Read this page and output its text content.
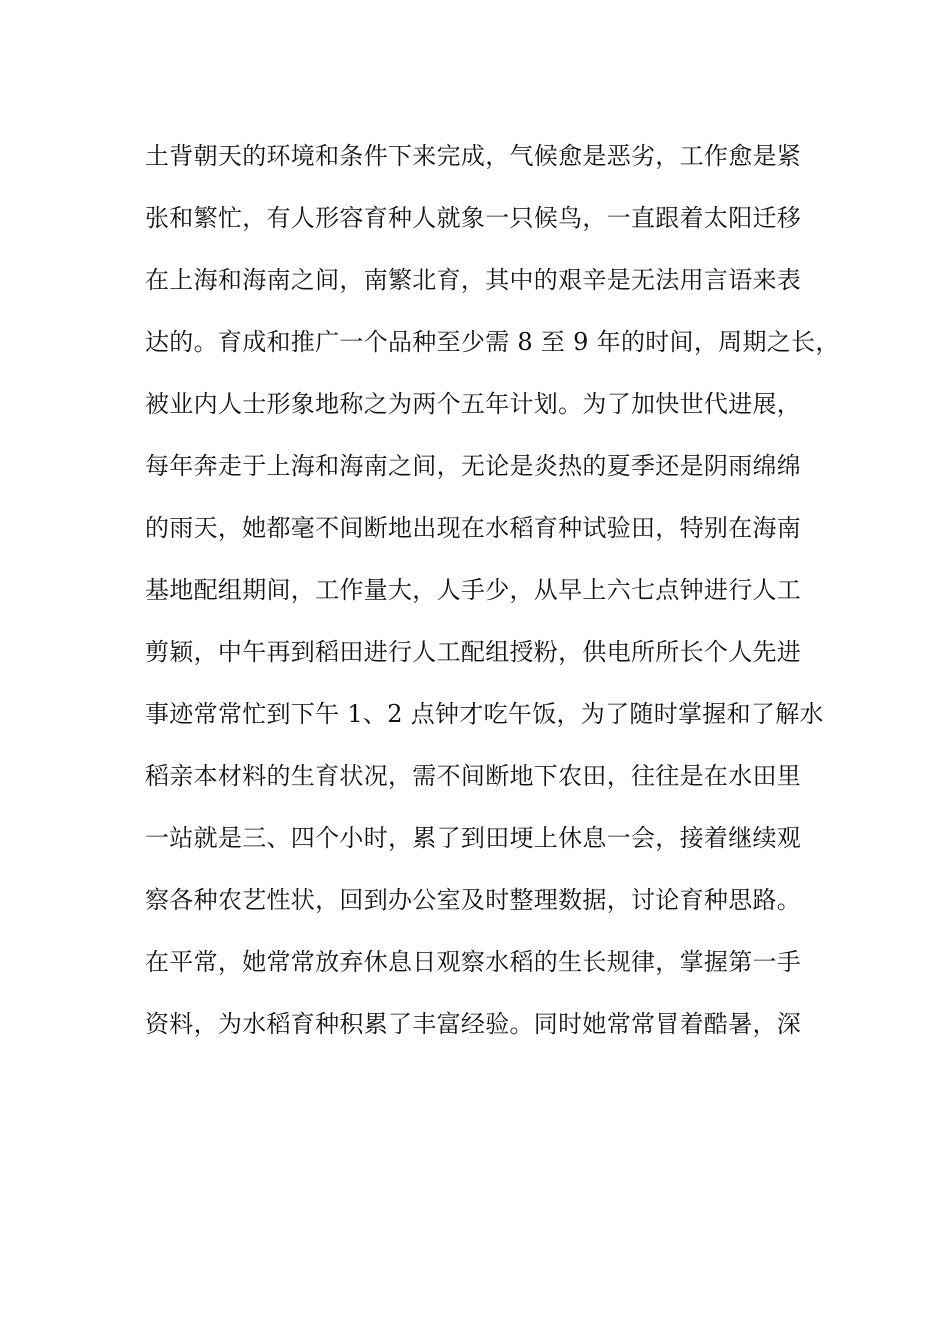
土背朝天的环境和条件下来完成，气候愈是恶劣，工作愈是紧
张和繁忙，有人形容育种人就象一只候鸟，一直跟着太阳迁移
在上海和海南之间，南繁北育，其中的艰辛是无法用言语来表
达的。育成和推广一个品种至少需 8 至 9 年的时间，周期之长，
被业内人士形象地称之为两个五年计划。为了加快世代进展，
每年奔走于上海和海南之间，无论是炎热的夏季还是阴雨绵绵
的雨天，她都毫不间断地出现在水稻育种试验田，特别在海南
基地配组期间，工作量大，人手少，从早上六七点钟进行人工
剪颖，中午再到稻田进行人工配组授粉，供电所所长个人先进
事迹常常忙到下午 1、2 点钟才吃午饭，为了随时掌握和了解水
稻亲本材料的生育状况，需不间断地下农田，往往是在水田里
一站就是三、四个小时，累了到田埂上休息一会，接着继续观
察各种农艺性状，回到办公室及时整理数据，讨论育种思路。
在平常，她常常放弃休息日观察水稻的生长规律，掌握第一手
资料，为水稻育种积累了丰富经验。同时她常常冒着酷暑，深
